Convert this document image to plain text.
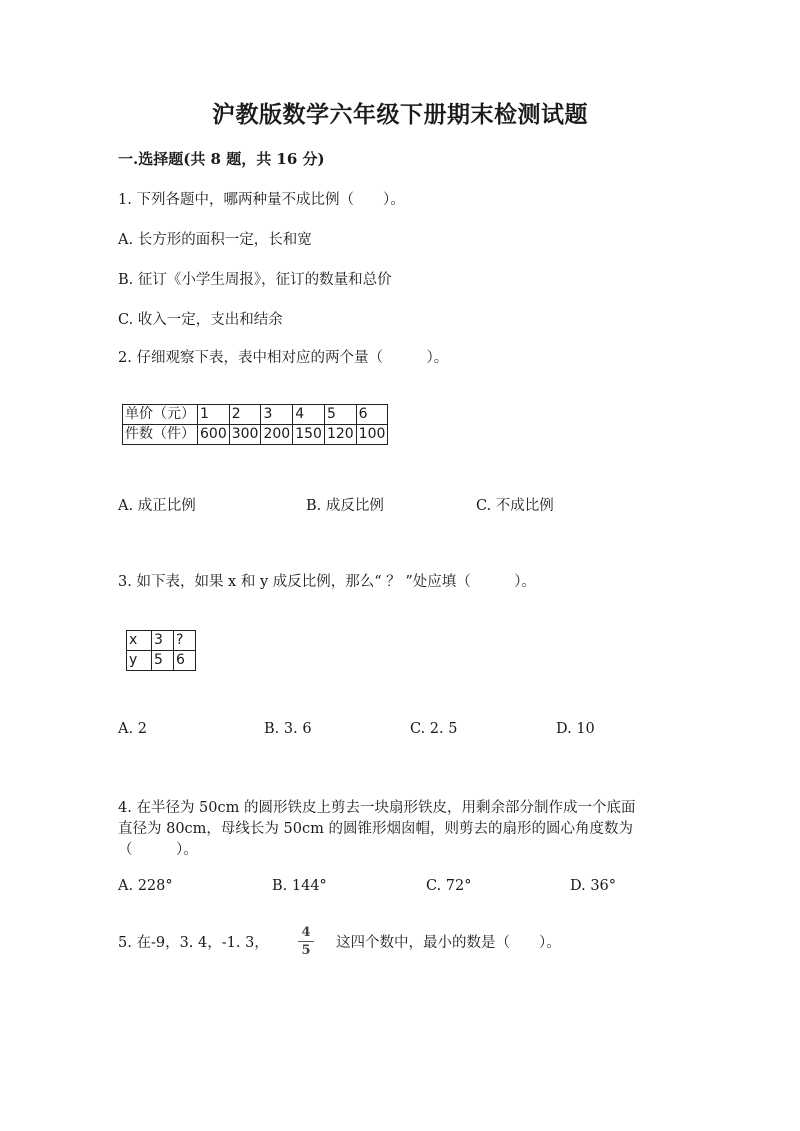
沪教版数学六年级下册期末检测试题
一.选择题(共 8 题，共 16 分)
1. 下列各题中，哪两种量不成比例（　　）。
A. 长方形的面积一定，长和宽
B. 征订《小学生周报》，征订的数量和总价
C. 收入一定，支出和结余
2. 仔细观察下表，表中相对应的两个量（　　　）。
单价（元）	1	2	3	4	5	6
件数（件）	600	300	200	150	120	100
A. 成正比例	B. 成反比例	C. 不成比例
3. 如下表，如果 x 和 y 成反比例，那么“ ？ ”处应填（　　　）。
x	3	?
y	5	6
A. 2	B. 3. 6	C. 2. 5	D. 10
4. 在半径为 50cm 的圆形铁皮上剪去一块扇形铁皮，用剩余部分制作成一个底面
直径为 80cm，母线长为 50cm 的圆锥形烟囱帽，则剪去的扇形的圆心角度数为
（　　　）。
A. 228°	B. 144°	C. 72°	D. 36°
5. 在-9，3. 4，-1. 3，
4
5 这四个数中，最小的数是（　　）。
